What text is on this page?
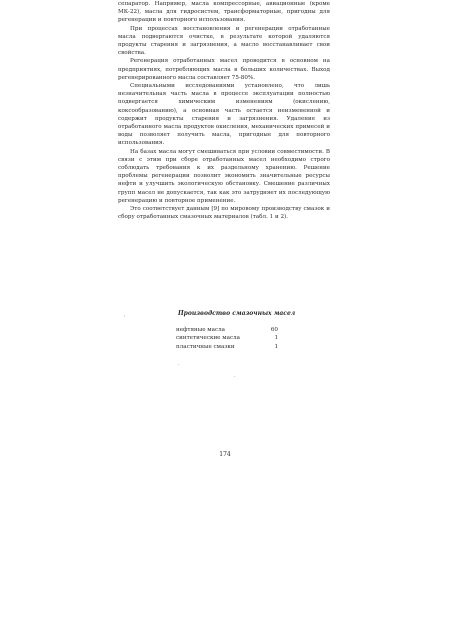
сепаратор. Например, масла компрессорные, авиационные (кроме МК-22), масла для гидросистем, трансформаторные, пригодны для регенерации и повторного использования.

При процессах восстановления и регенерации отработанные масла подвергаются очистке, в результате которой удаляются продукты старения и загрязнения, а масло восстанавливает свои свойства.

Регенерация отработанных масел проводится в основном на предприятиях, потребляющих масла в больших количествах. Выход регенерированного масла составляет 75-80%.

Специальными исследованиями установлено, что лишь незначительная часть масла в процессе эксплуатации полностью подвергается химическим изменениям (окислению, коксообразованию), а основная часть остается неизмененной и содержит продукты старения и загрязнения. Удаление из отработанного масла продуктов окисления, механических примесей и воды позволяет получить масла, пригодные для повторного использования.

На базах масла могут смешиваться при условии совместимости. В связи с этим при сборе отработанных масел необходимо строго соблюдать требования к их раздельному хранению. Решение проблемы регенерации позволит экономить значительные ресурсы нефти и улучшить экологическую обстановку. Смешение различных групп масел не допускается, так как это затрудняет их последующую регенерацию и повторное применение.

Это соответствует данным [9] по мировому производству смазок и сбору отработанных смазочных материалов (табл. 1 и 2).

,	Производство смазочных масел
нефтяные масла	60
синтетические масла	1
пластичные смазки	1
·
·
174
